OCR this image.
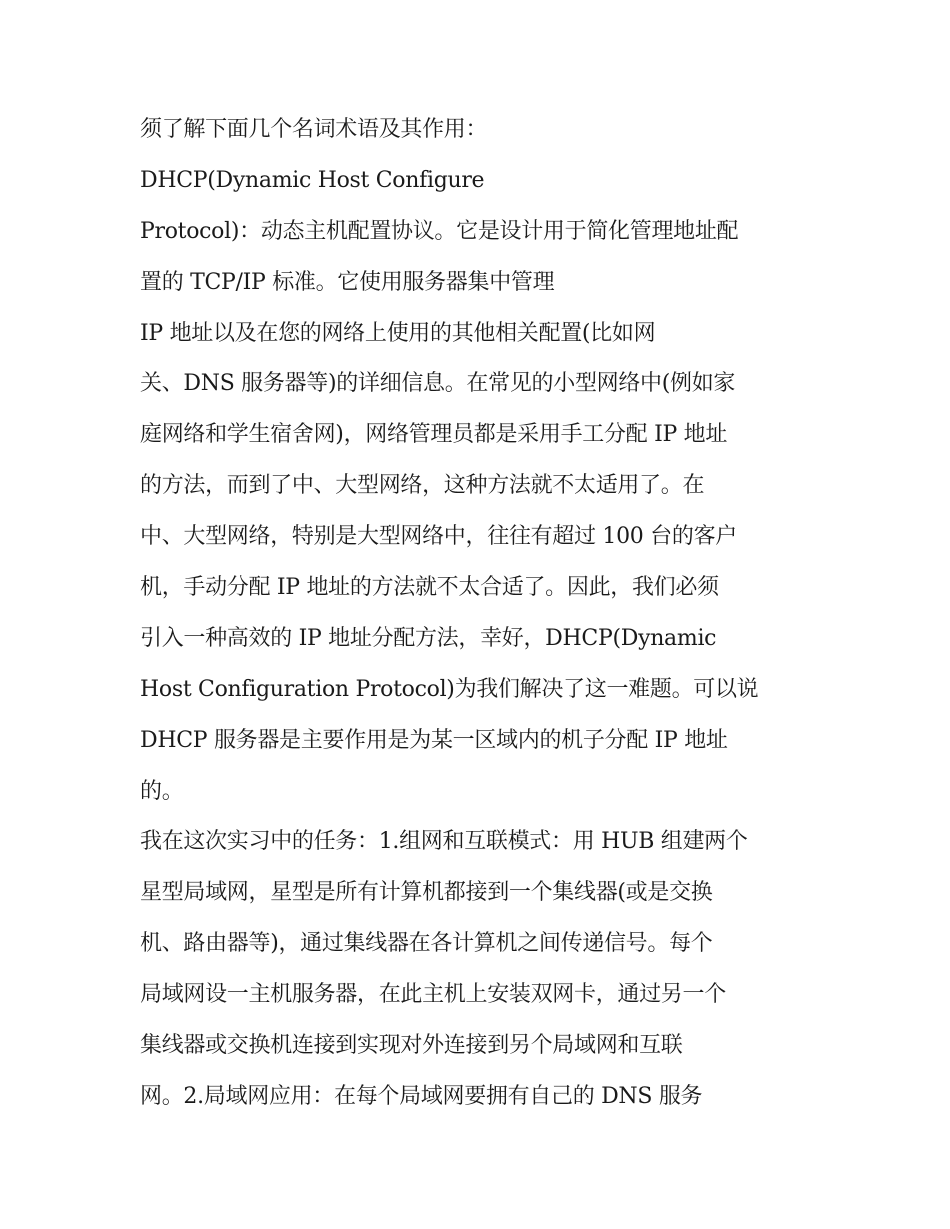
须了解下面几个名词术语及其作用：
DHCP(Dynamic Host Configure
Protocol)：动态主机配置协议。它是设计用于简化管理地址配
置的 TCP/IP 标准。它使用服务器集中管理
IP 地址以及在您的网络上使用的其他相关配置(比如网
关、DNS 服务器等)的详细信息。在常见的小型网络中(例如家
庭网络和学生宿舍网)，网络管理员都是采用手工分配 IP 地址
的方法，而到了中、大型网络，这种方法就不太适用了。在
中、大型网络，特别是大型网络中，往往有超过 100 台的客户
机，手动分配 IP 地址的方法就不太合适了。因此，我们必须
引入一种高效的 IP 地址分配方法，幸好，DHCP(Dynamic
Host Configuration Protocol)为我们解决了这一难题。可以说
DHCP 服务器是主要作用是为某一区域内的机子分配 IP 地址
的。
我在这次实习中的任务：1.组网和互联模式：用 HUB 组建两个
星型局域网，星型是所有计算机都接到一个集线器(或是交换
机、路由器等)，通过集线器在各计算机之间传递信号。每个
局域网设一主机服务器，在此主机上安装双网卡，通过另一个
集线器或交换机连接到实现对外连接到另个局域网和互联
网。2.局域网应用：在每个局域网要拥有自己的 DNS 服务
